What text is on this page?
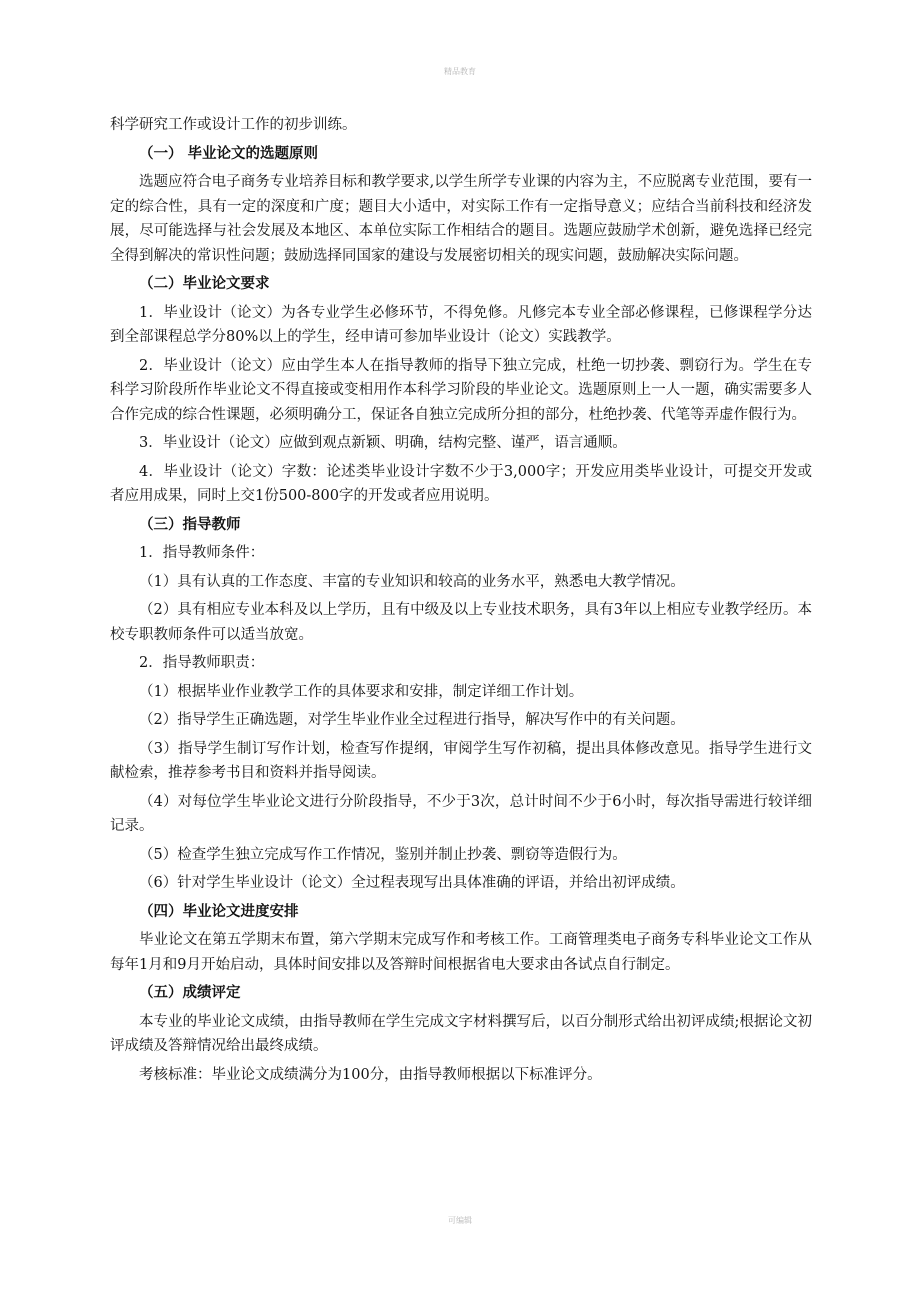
精品教育

科学研究工作或设计工作的初步训练。

（一） 毕业论文的选题原则

选题应符合电子商务专业培养目标和教学要求,以学生所学专业课的内容为主，不应脱离专业范围，要有一定的综合性，具有一定的深度和广度；题目大小适中，对实际工作有一定指导意义；应结合当前科技和经济发展，尽可能选择与社会发展及本地区、本单位实际工作相结合的题目。选题应鼓励学术创新，避免选择已经完全得到解决的常识性问题；鼓励选择同国家的建设与发展密切相关的现实问题，鼓励解决实际问题。

（二）毕业论文要求

1．毕业设计（论文）为各专业学生必修环节，不得免修。凡修完本专业全部必修课程，已修课程学分达到全部课程总学分80%以上的学生，经申请可参加毕业设计（论文）实践教学。

2．毕业设计（论文）应由学生本人在指导教师的指导下独立完成，杜绝一切抄袭、剽窃行为。学生在专科学习阶段所作毕业论文不得直接或变相用作本科学习阶段的毕业论文。选题原则上一人一题，确实需要多人合作完成的综合性课题，必须明确分工，保证各自独立完成所分担的部分，杜绝抄袭、代笔等弄虚作假行为。

3．毕业设计（论文）应做到观点新颖、明确，结构完整、谨严，语言通顺。

4．毕业设计（论文）字数：论述类毕业设计字数不少于3,000字；开发应用类毕业设计，可提交开发或者应用成果，同时上交1份500-800字的开发或者应用说明。

（三）指导教师

1．指导教师条件：

（1）具有认真的工作态度、丰富的专业知识和较高的业务水平，熟悉电大教学情况。

（2）具有相应专业本科及以上学历，且有中级及以上专业技术职务，具有3年以上相应专业教学经历。本校专职教师条件可以适当放宽。

2．指导教师职责：

（1）根据毕业作业教学工作的具体要求和安排，制定详细工作计划。

（2）指导学生正确选题，对学生毕业作业全过程进行指导，解决写作中的有关问题。

（3）指导学生制订写作计划，检查写作提纲，审阅学生写作初稿，提出具体修改意见。指导学生进行文献检索，推荐参考书目和资料并指导阅读。

（4）对每位学生毕业论文进行分阶段指导，不少于3次，总计时间不少于6小时，每次指导需进行较详细记录。

（5）检查学生独立完成写作工作情况，鉴别并制止抄袭、剽窃等造假行为。

（6）针对学生毕业设计（论文）全过程表现写出具体准确的评语，并给出初评成绩。

（四）毕业论文进度安排

毕业论文在第五学期末布置，第六学期末完成写作和考核工作。工商管理类电子商务专科毕业论文工作从每年1月和9月开始启动，具体时间安排以及答辩时间根据省电大要求由各试点自行制定。

（五）成绩评定

本专业的毕业论文成绩，由指导教师在学生完成文字材料撰写后，以百分制形式给出初评成绩;根据论文初评成绩及答辩情况给出最终成绩。

考核标准：毕业论文成绩满分为100分，由指导教师根据以下标准评分。

可编辑
